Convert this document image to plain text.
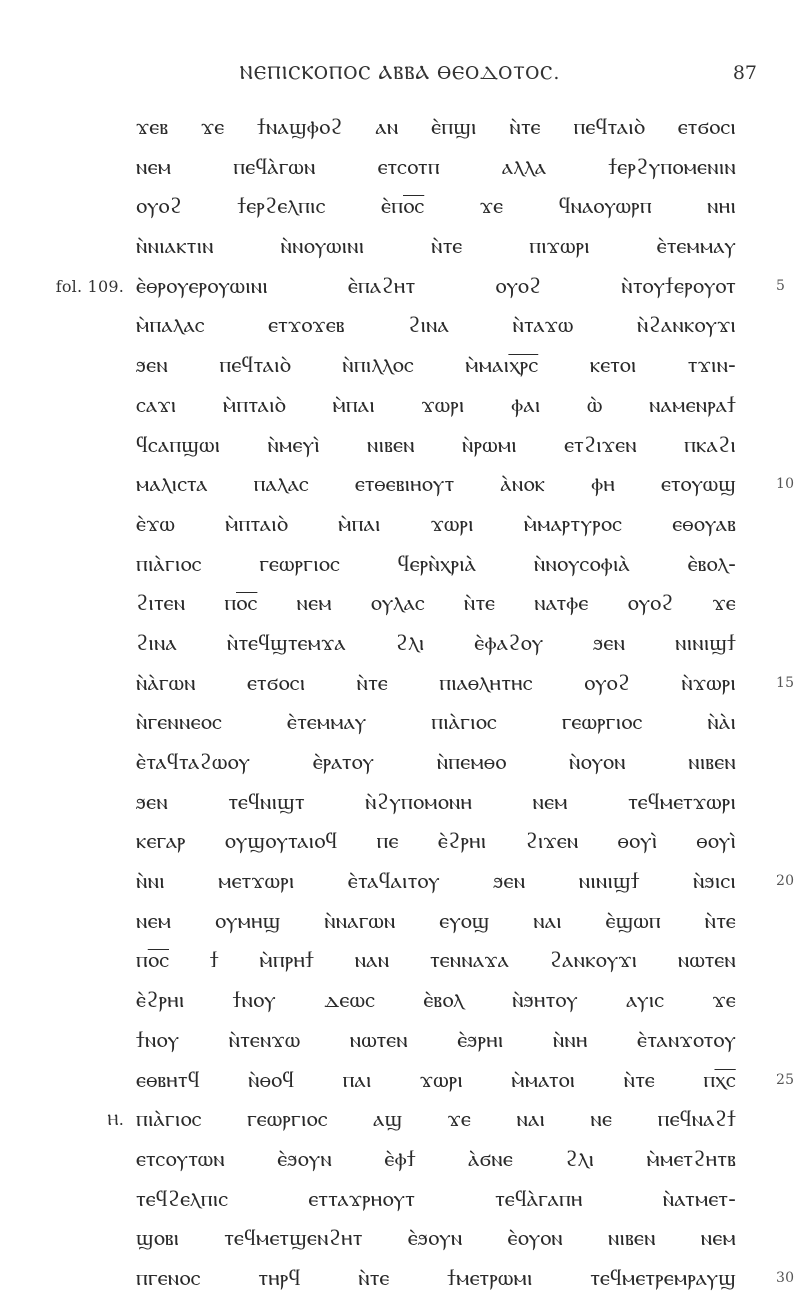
ⲚⲈⲠⲒⲤⲔⲞⲠⲞⲤ ⲀⲂⲂⲀ ⲐⲈⲞⲆⲞⲦⲞⲤ.	87
ϫⲉⲃ ϫⲉ ϯⲛⲁϣⲫⲟϩ ⲁⲛ ⲉ̀ⲡϣⲓ ⲛ̀ⲧⲉ ⲡⲉϥⲧⲁⲓⲟ̀ ⲉⲧϭⲟⲥⲓ
ⲛⲉⲙ ⲡⲉϥⲁ̀ⲅⲱⲛ ⲉⲧⲥⲟⲧⲡ ⲁⲗⲗⲁ ϯⲉⲣϩⲩⲡⲟⲙⲉⲛⲓⲛ
ⲟⲩⲟϩ ϯⲉⲣϩⲉⲗⲡⲓⲥ ⲉ̀ⲡⲟ̅ⲥ̅ ϫⲉ ϥⲛⲁⲟⲩⲱⲣⲡ ⲛⲏⲓ
ⲛ̀ⲛⲓⲁⲕⲧⲓⲛ ⲛ̀ⲛⲟⲩⲱⲓⲛⲓ ⲛ̀ⲧⲉ ⲡⲓϫⲱⲣⲓ ⲉ̀ⲧⲉⲙⲙⲁⲩ
ⲉ̀ⲑⲣⲟⲩⲉⲣⲟⲩⲱⲓⲛⲓ ⲉ̀ⲡⲁϩⲏⲧ ⲟⲩⲟϩ ⲛ̀ⲧⲟⲩϯⲉⲣⲟⲩⲟⲧ
fol. 109.	5
ⲙ̀ⲡⲁⲗⲁⲥ ⲉⲧϫⲟϫⲉⲃ ϩⲓⲛⲁ ⲛ̀ⲧⲁϫⲱ ⲛ̀ϩⲁⲛⲕⲟⲩϫⲓ
ϧⲉⲛ ⲡⲉϥⲧⲁⲓⲟ̀ ⲛ̀ⲡⲓⲗⲗⲟⲥ ⲙ̀ⲙⲁⲓⲭ̅ⲣ̅ⲥ̅ ⲕⲉⲧⲟⲓ ⲧϫⲓⲛ-
ⲥⲁϫⲓ ⲙ̀ⲡⲧⲁⲓⲟ̀ ⲙ̀ⲡⲁⲓ ϫⲱⲣⲓ ⲫⲁⲓ ⲱ̀ ⲛⲁⲙⲉⲛⲣⲁϯ
ϥⲥⲁⲡϣⲱⲓ ⲛ̀ⲙⲉⲩⲓ̀ ⲛⲓⲃⲉⲛ ⲛ̀ⲣⲱⲙⲓ ⲉⲧϩⲓϫⲉⲛ ⲡⲕⲁϩⲓ
ⲙⲁⲗⲓⲥⲧⲁ ⲡⲁⲗⲁⲥ ⲉⲧⲑⲉⲃⲓⲏⲟⲩⲧ ⲁ̀ⲛⲟⲕ ⲫⲏ ⲉⲧⲟⲩⲱϣ	10
ⲉ̀ϫⲱ ⲙ̀ⲡⲧⲁⲓⲟ̀ ⲙ̀ⲡⲁⲓ ϫⲱⲣⲓ ⲙ̀ⲙⲁⲣⲧⲩⲣⲟⲥ ⲉⲑⲟⲩⲁⲃ
ⲡⲓⲁ̀ⲅⲓⲟⲥ ⲅⲉⲱⲣⲅⲓⲟⲥ ϥⲉⲣⲛ̀ⲭⲣⲓⲁ̀ ⲛ̀ⲛⲟⲩⲥⲟⲫⲓⲁ̀ ⲉ̀ⲃⲟⲗ-
ϩⲓⲧⲉⲛ ⲡⲟ̅ⲥ̅ ⲛⲉⲙ ⲟⲩⲗⲁⲥ ⲛ̀ⲧⲉ ⲛⲁⲧⲫⲉ ⲟⲩⲟϩ ϫⲉ
ϩⲓⲛⲁ ⲛ̀ⲧⲉϥϣⲧⲉⲙϫⲁ ϩⲗⲓ ⲉ̀ⲫⲁϩⲟⲩ ϧⲉⲛ ⲛⲓⲛⲓϣϯ
ⲛ̀ⲁ̀ⲅⲱⲛ ⲉⲧϭⲟⲥⲓ ⲛ̀ⲧⲉ ⲡⲓⲁⲑⲗⲏⲧⲏⲥ ⲟⲩⲟϩ ⲛ̀ϫⲱⲣⲓ	15
ⲛ̀ⲅⲉⲛⲛⲉⲟⲥ ⲉ̀ⲧⲉⲙⲙⲁⲩ ⲡⲓⲁ̀ⲅⲓⲟⲥ ⲅⲉⲱⲣⲅⲓⲟⲥ ⲛ̀ⲁ̀ⲓ
ⲉ̀ⲧⲁϥⲧⲁϩⲱⲟⲩ ⲉ̀ⲣⲁⲧⲟⲩ ⲛ̀ⲡⲉⲙⲑⲟ ⲛ̀ⲟⲩⲟⲛ ⲛⲓⲃⲉⲛ
ϧⲉⲛ ⲧⲉϥⲛⲓϣⲧ ⲛ̀ϩⲩⲡⲟⲙⲟⲛⲏ ⲛⲉⲙ ⲧⲉϥⲙⲉⲧϫⲱⲣⲓ
ⲕⲉⲅⲁⲣ ⲟⲩϣⲟⲩⲧⲁⲓⲟϥ ⲡⲉ ⲉ̀ϩⲣⲏⲓ ϩⲓϫⲉⲛ ⲑⲟⲩⲓ̀ ⲑⲟⲩⲓ̀
ⲛ̀ⲛⲓ ⲙⲉⲧϫⲱⲣⲓ ⲉ̀ⲧⲁϥⲁⲓⲧⲟⲩ ϧⲉⲛ ⲛⲓⲛⲓϣϯ ⲛ̀ϧⲓⲥⲓ	20
ⲛⲉⲙ ⲟⲩⲙⲏϣ ⲛ̀ⲛⲁⲅⲱⲛ ⲉⲩⲟϣ ⲛⲁⲓ ⲉ̀ϣⲱⲡ ⲛ̀ⲧⲉ
ⲡⲟ̅ⲥ̅ ϯ ⲙ̀ⲡⲣⲏϯ ⲛⲁⲛ ⲧⲉⲛⲛⲁϫⲁ ϩⲁⲛⲕⲟⲩϫⲓ ⲛⲱⲧⲉⲛ
ⲉ̀ϩⲣⲏⲓ ϯⲛⲟⲩ ⲇⲉⲱⲥ ⲉ̀ⲃⲟⲗ ⲛ̀ϧⲏⲧⲟⲩ ⲁⲩⲓⲥ ϫⲉ
ϯⲛⲟⲩ ⲛ̀ⲧⲉⲛϫⲱ ⲛⲱⲧⲉⲛ ⲉ̀ϧⲣⲏⲓ ⲛ̀ⲛⲏ ⲉ̀ⲧⲁⲛϫⲟⲧⲟⲩ
ⲉⲑⲃⲏⲧϥ ⲛ̀ⲑⲟϥ ⲡⲁⲓ ϫⲱⲣⲓ ⲙ̀ⲙⲁⲧⲟⲓ ⲛ̀ⲧⲉ ⲡⲭ̅ⲥ̅	25
ⲡⲓⲁ̀ⲅⲓⲟⲥ ⲅⲉⲱⲣⲅⲓⲟⲥ ⲁϣ ϫⲉ ⲛⲁⲓ ⲛⲉ ⲡⲉϥⲛⲁϩϯ
Ⲏ.
ⲉⲧⲥⲟⲩⲧⲱⲛ ⲉ̀ϧⲟⲩⲛ ⲉ̀ⲫϯ ⲁ̀ϭⲛⲉ ϩⲗⲓ ⲙ̀ⲙⲉⲧϩⲏⲧⲃ
ⲧⲉϥϩⲉⲗⲡⲓⲥ ⲉⲧⲧⲁϫⲣⲏⲟⲩⲧ ⲧⲉϥⲁ̀ⲅⲁⲡⲏ ⲛ̀ⲁⲧⲙⲉⲧ-
ϣⲟⲃⲓ ⲧⲉϥⲙⲉⲧϣⲉⲛϩⲏⲧ ⲉ̀ϧⲟⲩⲛ ⲉ̀ⲟⲩⲟⲛ ⲛⲓⲃⲉⲛ ⲛⲉⲙ
ⲡⲅⲉⲛⲟⲥ ⲧⲏⲣϥ ⲛ̀ⲧⲉ ϯⲙⲉⲧⲣⲱⲙⲓ ⲧⲉϥⲙⲉⲧⲣⲉⲙⲣⲁⲩϣ	30
